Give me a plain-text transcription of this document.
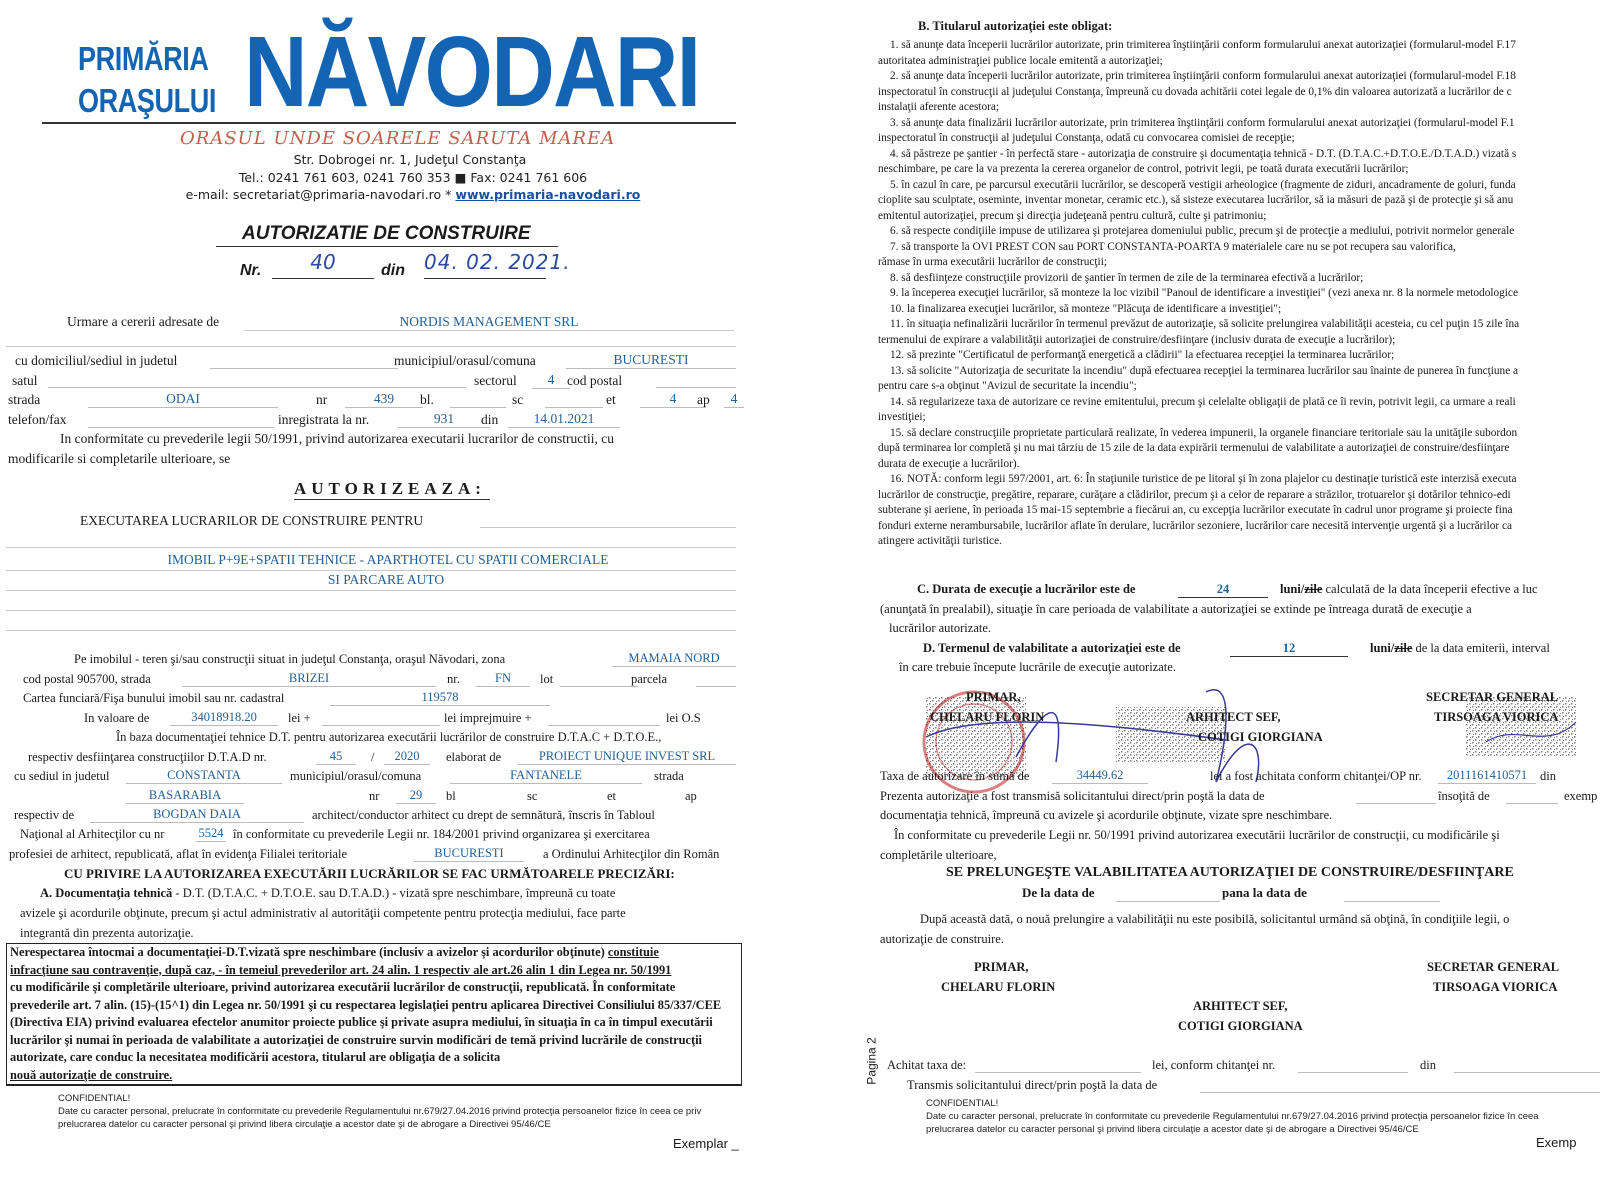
PRIMĂRIA
ORAŞULUI NĂVODARI
ORASUL UNDE SOARELE SARUTA MAREA
Str. Dobrogei nr. 1, Judeţul Constanţa
Tel.: 0241 761 603, 0241 760 353 ■ Fax: 0241 761 606
e-mail: secretariat@primaria-navodari.ro * www.primaria-navodari.ro
AUTORIZATIE DE CONSTRUIRE
Nr.	40	din 04. 02. 2021.
Urmare a cererii adresate de	NORDIS MANAGEMENT SRL
cu domiciliul/sediul in judetul	municipiul/orasul/comuna	BUCURESTI
satul	sectorul	4 cod postal
strada	ODAI	nr	439	bl.	sc	et	4	ap	4
telefon/fax	inregistrata la nr.	931	din	14.01.2021
In conformitate cu prevederile legii 50/1991, privind autorizarea executarii lucrarilor de constructii, cu
modificarile si completarile ulterioare, se
AUTORIZEAZA:
EXECUTAREA LUCRARILOR DE CONSTRUIRE PENTRU
IMOBIL P+9E+SPATII TEHNICE - APARTHOTEL CU SPATII COMERCIALE
SI PARCARE AUTO
Pe imobilul - teren şi/sau construcţii situat in judeţul Constanţa, oraşul Năvodari, zona	MAMAIA NORD
cod postal 905700, strada	BRIZEI	nr.	FN	lot	parcela
Cartea funciară/Fişa bunului imobil sau nr. cadastral	119578
In valoare de	34018918.20	lei +	lei imprejmuire +	lei O.S
În baza documentaţiei tehnice D.T. pentru autorizarea executării lucrărilor de construire D.T.A.C + D.T.O.E.,
respectiv desfiinţarea construcţiilor D.T.A.D nr.	45	/	2020	elaborat de	PROIECT UNIQUE INVEST SRL
cu sediul in judetul	CONSTANTA	municipiul/orasul/comuna	FANTANELE	strada
BASARABIA	nr	29	bl	sc	et	ap
respectiv de	BOGDAN DAIA	architect/conductor arhitect cu drept de semnătură, înscris în Tabloul
Naţional al Arhitecţilor cu nr	5524 în conformitate cu prevederile Legii nr. 184/2001 privind organizarea şi exercitarea
profesiei de arhitect, republicată, aflat în evidenţa Filialei teritoriale	BUCURESTI	a Ordinului Arhitecţilor din Român
CU PRIVIRE LA AUTORIZAREA EXECUTĂRII LUCRĂRILOR SE FAC URMĂTOARELE PRECIZĂRI:
A. Documentaţia tehnică - D.T. (D.T.A.C. + D.T.O.E. sau D.T.A.D.) - vizată spre neschimbare, împreună cu toate
avizele şi acordurile obţinute, precum şi actul administrativ al autorităţii competente pentru protecţia mediului, face parte
integrantă din prezenta autorizaţie.
Nerespectarea întocmai a documentaţiei-D.T.vizată spre neschimbare (inclusiv a avizelor şi acordurilor obţinute) constituie
infracţiune sau contravenţie, după caz, - în temeiul prevederilor art. 24 alin. 1 respectiv ale art.26 alin 1 din Legea nr. 50/1991
cu modificările şi completările ulterioare, privind autorizarea executării lucrărilor de construcţii, republicată. În conformitate prevederile art. 7 alin. (15)-(15^1) din Legea nr. 50/1991 şi cu respectarea legislaţiei pentru aplicarea Directivei Consiliului 85/337/CEE (Directiva EIA) privind evaluarea efectelor anumitor proiecte publice şi private asupra mediului, în situaţia în ca în timpul executării lucrărilor şi numai în perioada de valabilitate a autorizaţiei de construire survin modificări de temă privind lucrările de construcţii autorizate, care conduc la necesitatea modificării acestora, titularul are obligaţia de a solicita
nouă autorizaţie de construire.
CONFIDENTIAL!
Date cu caracter personal, prelucrate în conformitate cu prevederile Regulamentului nr.679/27.04.2016 privind protecţia persoanelor fizice în ceea ce priv
prelucrarea datelor cu caracter personal şi privind libera circulaţie a acestor date şi de abrogare a Directivei 95/46/CE
Exemplar _
B. Titularul autorizaţiei este obligat:
1. să anunţe data începerii lucrărilor autorizate, prin trimiterea înştiinţării conform formularului anexat autorizaţiei (formularul-model F.17
autoritatea administraţiei publice locale emitentă a autorizaţiei;
2. să anunţe data începerii lucrărilor autorizate, prin trimiterea înştiinţării conform formularului anexat autorizaţiei (formularul-model F.18
inspectoratul în construcţii al judeţului Constanţa, împreună cu dovada achitării cotei legale de 0,1% din valoarea autorizată a lucrărilor de c
instalaţii aferente acestora;
3. să anunţe data finalizării lucrărilor autorizate, prin trimiterea înştiinţării conform formularului anexat autorizaţiei (formularul-model F.1
inspectoratul în construcţii al judeţului Constanţa, odată cu convocarea comisiei de recepţie;
4. să păstreze pe şantier - în perfectă stare - autorizaţia de construire şi documentaţia tehnică - D.T. (D.T.A.C.+D.T.O.E./D.T.A.D.) vizată s
neschimbare, pe care la va prezenta la cererea organelor de control, potrivit legii, pe toată durata executării lucrărilor;
5. în cazul în care, pe parcursul executării lucrărilor, se descoperă vestigii arheologice (fragmente de ziduri, ancadramente de goluri, funda
cioplite sau sculptate, oseminte, inventar monetar, ceramic etc.), să sisteze executarea lucrărilor, să ia măsuri de pază şi de protecţie şi să anu
emitentul autorizaţiei, precum şi direcţia judeţeană pentru cultură, culte şi patrimoniu;
6. să respecte condiţiile impuse de utilizarea şi protejarea domeniului public, precum şi de protecţie a mediului, potrivit normelor generale
7. să transporte la OVI PREST CON sau PORT CONSTANTA-POARTA 9 materialele care nu se pot recupera sau valorifica,
rămase în urma executării lucrărilor de construcţii;
8. să desfiinţeze construcţiile provizorii de şantier în termen de zile de la terminarea efectivă a lucrărilor;
9. la începerea execuţiei lucrărilor, să monteze la loc vizibil "Panoul de identificare a investiţiei" (vezi anexa nr. 8 la normele metodologice
10. la finalizarea execuţiei lucrărilor, să monteze "Plăcuţa de identificare a investiţiei";
11. în situaţia nefinalizării lucrărilor în termenul prevăzut de autorizaţie, să solicite prelungirea valabilităţii acesteia, cu cel puţin 15 zile îna
termenului de expirare a valabilităţii autorizaţiei de construire/desfiinţare (inclusiv durata de execuţie a lucrărilor);
12. să prezinte "Certificatul de performanţă energetică a clădirii" la efectuarea recepţiei la terminarea lucrărilor;
13. să solicite "Autorizaţia de securitate la incendiu" după efectuarea recepţiei la terminarea lucrărilor sau înainte de punerea în funcţiune a
pentru care s-a obţinut "Avizul de securitate la incendiu";
14. să regularizeze taxa de autorizare ce revine emitentului, precum şi celelalte obligaţii de plată ce îi revin, potrivit legii, ca urmare a reali
investiţiei;
15. să declare construcţiile proprietate particulară realizate, în vederea impunerii, la organele financiare teritoriale sau la unităţile subordon
după terminarea lor completă şi nu mai târziu de 15 zile de la data expirării termenului de valabilitate a autorizaţiei de construire/desfiinţare
durata de execuţie a lucrărilor).
16. NOTĂ: conform legii 597/2001, art. 6: În staţiunile turistice de pe litoral şi în zona plajelor cu destinaţie turistică este interzisă executa
lucrărilor de construcţie, pregătire, reparare, curăţare a clădirilor, precum şi a celor de reparare a străzilor, trotuarelor şi dotărilor tehnico-edi
subterane şi aeriene, în perioada 15 mai-15 septembrie a fiecărui an, cu excepţia lucrărilor executate în cadrul unor programe şi proiecte fina
fonduri externe nerambursabile, lucrărilor aflate în derulare, lucrărilor sezoniere, lucrărilor care necesită intervenţie urgentă şi a lucrărilor ca
atingere activităţii turistice.
C. Durata de execuţie a lucrărilor este de	24	luni/zile calculată de la data începerii efective a luc
(anunţată în prealabil), situaţie în care perioada de valabilitate a autorizaţiei se extinde pe întreaga durată de execuţie a
lucrărilor autorizate.
D. Termenul de valabilitate a autorizaţiei este de	12	luni/zile de la data emiterii, interval
în care trebuie începute lucrările de execuţie autorizate.
PRIMAR,
CHELARU FLORIN	ARHITECT SEF,
COTIGI GIORGIANA
SECRETAR GENERAL
TIRSOAGA VIORICA
Taxa de autorizare în sumă de	34449.62	lei a fost achitata conform chitanţei/OP nr.	2011161410571	din
Prezenta autorizaţie a fost transmisă solicitantului direct/prin poştă la data de	însoţită de	exemp
documentaţia tehnică, împreună cu avizele şi acordurile obţinute, vizate spre neschimbare.
În conformitate cu prevederile Legii nr. 50/1991 privind autorizarea executării lucrărilor de construcţii, cu modificările şi
completările ulterioare,
SE PRELUNGEŞTE VALABILITATEA AUTORIZAŢIEI DE CONSTRUIRE/DESFIINŢARE
De la data de	pana la data de
După această dată, o nouă prelungire a valabilităţii nu este posibilă, solicitantul urmând să obţină, în condiţiile legii, o
autorizaţie de construire.
PRIMAR,
CHELARU FLORIN
SECRETAR GENERAL
TIRSOAGA VIORICA
ARHITECT SEF,
COTIGI GIORGIANA
Pagina 2 Achitat taxa de:	lei, conform chitanţei nr.	din
Transmis solicitantului direct/prin poştă la data de
CONFIDENTIAL!
Date cu caracter personal, prelucrate în conformitate cu prevederile Regulamentului nr.679/27.04.2016 privind protecţia persoanelor fizice în ceea
prelucrarea datelor cu caracter personal şi privind libera circulaţie a acestor date şi de abrogare a Directivei 95/46/CE
Exemp
